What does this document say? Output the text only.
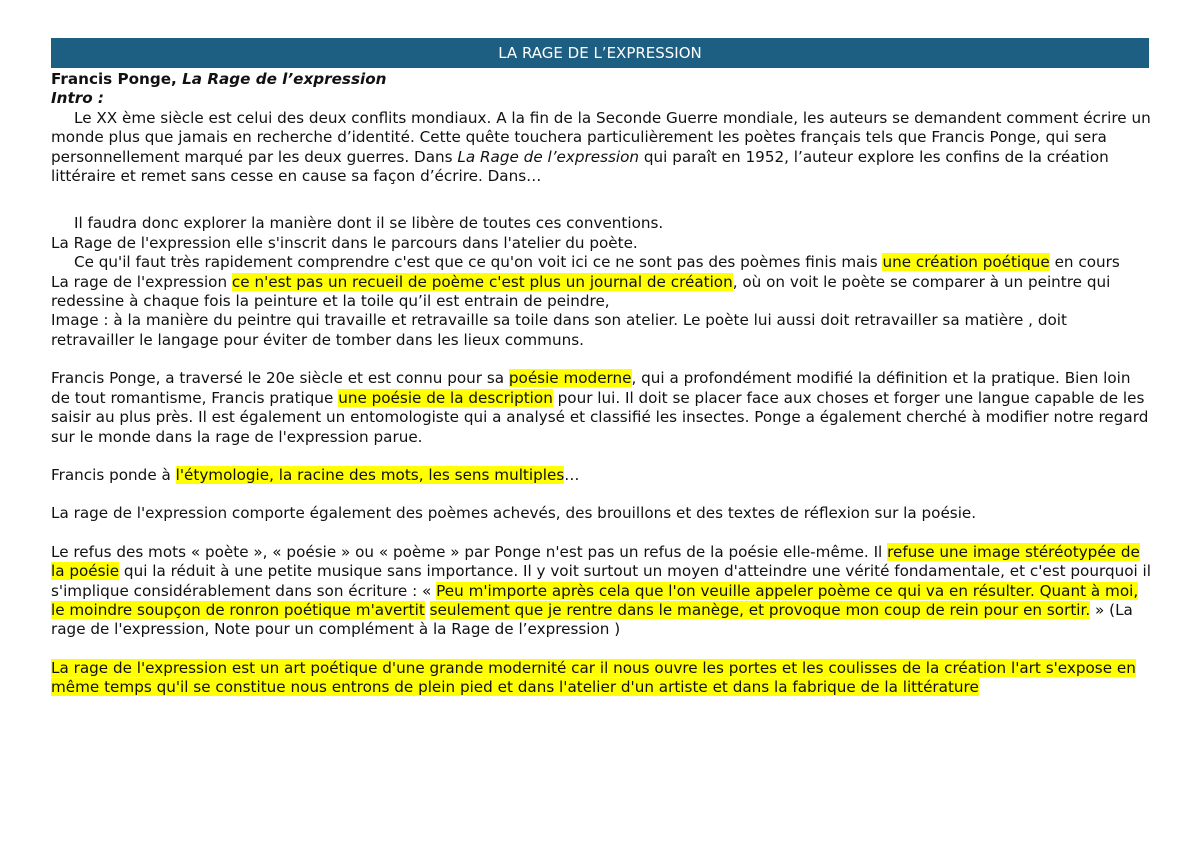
LA RAGE DE L’EXPRESSION

Francis Ponge, La Rage de l’expression

Intro :

Le XX ème siècle est celui des deux conflits mondiaux. A la fin de la Seconde Guerre mondiale, les auteurs se demandent comment écrire un monde plus que jamais en recherche d’identité. Cette quête touchera particulièrement les poètes français tels que Francis Ponge, qui sera personnellement marqué par les deux guerres. Dans La Rage de l’expression qui paraît en 1952, l’auteur explore les confins de la création littéraire et remet sans cesse en cause sa façon d’écrire. Dans…

Il faudra donc explorer la manière dont il se libère de toutes ces conventions.

La Rage de l'expression elle s'inscrit dans le parcours dans l'atelier du poète.

Ce qu'il faut très rapidement comprendre c'est que ce qu'on voit ici ce ne sont pas des poèmes finis mais une création poétique en cours

La rage de l'expression ce n'est pas un recueil de poème c'est plus un journal de création, où on voit le poète se comparer à un peintre qui redessine à chaque fois la peinture et la toile qu’il est entrain de peindre,

Image : à la manière du peintre qui travaille et retravaille sa toile dans son atelier. Le poète lui aussi doit retravailler sa matière , doit retravailler le langage pour éviter de tomber dans les lieux communs.

Francis Ponge, a traversé le 20e siècle et est connu pour sa poésie moderne, qui a profondément modifié la définition et la pratique. Bien loin de tout romantisme, Francis pratique une poésie de la description pour lui. Il doit se placer face aux choses et forger une langue capable de les saisir au plus près. Il est également un entomologiste qui a analysé et classifié les insectes. Ponge a également cherché à modifier notre regard sur le monde dans la rage de l'expression parue.

Francis ponde à l'étymologie, la racine des mots, les sens multiples…

La rage de l'expression comporte également des poèmes achevés, des brouillons et des textes de réflexion sur la poésie.

Le refus des mots « poète », « poésie » ou « poème » par Ponge n'est pas un refus de la poésie elle-même. Il refuse une image stéréotypée de la poésie qui la réduit à une petite musique sans importance. Il y voit surtout un moyen d'atteindre une vérité fondamentale, et c'est pourquoi il s'implique considérablement dans son écriture : « Peu m'importe après cela que l'on veuille appeler poème ce qui va en résulter. Quant à moi, le moindre soupçon de ronron poétique m'avertit seulement que je rentre dans le manège, et provoque mon coup de rein pour en sortir. » (La rage de l'expression, Note pour un complément à la Rage de l’expression )

La rage de l'expression est un art poétique d'une grande modernité car il nous ouvre les portes et les coulisses de la création l'art s'expose en même temps qu'il se constitue nous entrons de plein pied et dans l'atelier d'un artiste et dans la fabrique de la littérature
